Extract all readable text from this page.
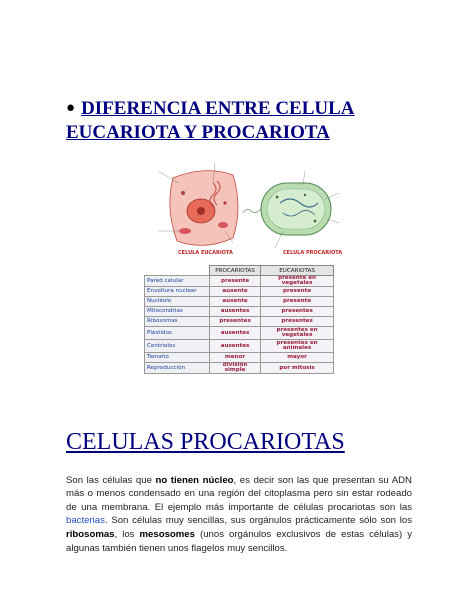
● DIFERENCIA ENTRE CELULA EUCARIOTA Y PROCARIOTA
CELULA EUCARIOTA	CELULA PROCARIOTA
	PROCARIOTAS	EUCARIOTAS
Pared celular	presente	presente en vegetales
Envoltura nuclear	ausente	presente
Nucléolo	ausente	presente
Mitocondrias	ausentes	presentes
Ribosomas	presentes	presentes
Plástidos	ausentes	presentes en vegetales
Centriolos	ausentes	presentes en animales
Tamaño	menor	mayor
Reproducción	división simple	por mitosis
CELULAS PROCARIOTAS

Son las células que no tienen núcleo, es decir son las que presentan su ADN más o menos condensado en una región del citoplasma pero sin estar rodeado de una membrana. El ejemplo más importante de células procariotas son las bacterias. Son células muy sencillas, sus orgánulos prácticamente sólo son los ribosomas, los mesosomes (unos orgánulos exclusivos de estas células) y algunas también tienen unos flagelos muy sencillos.
